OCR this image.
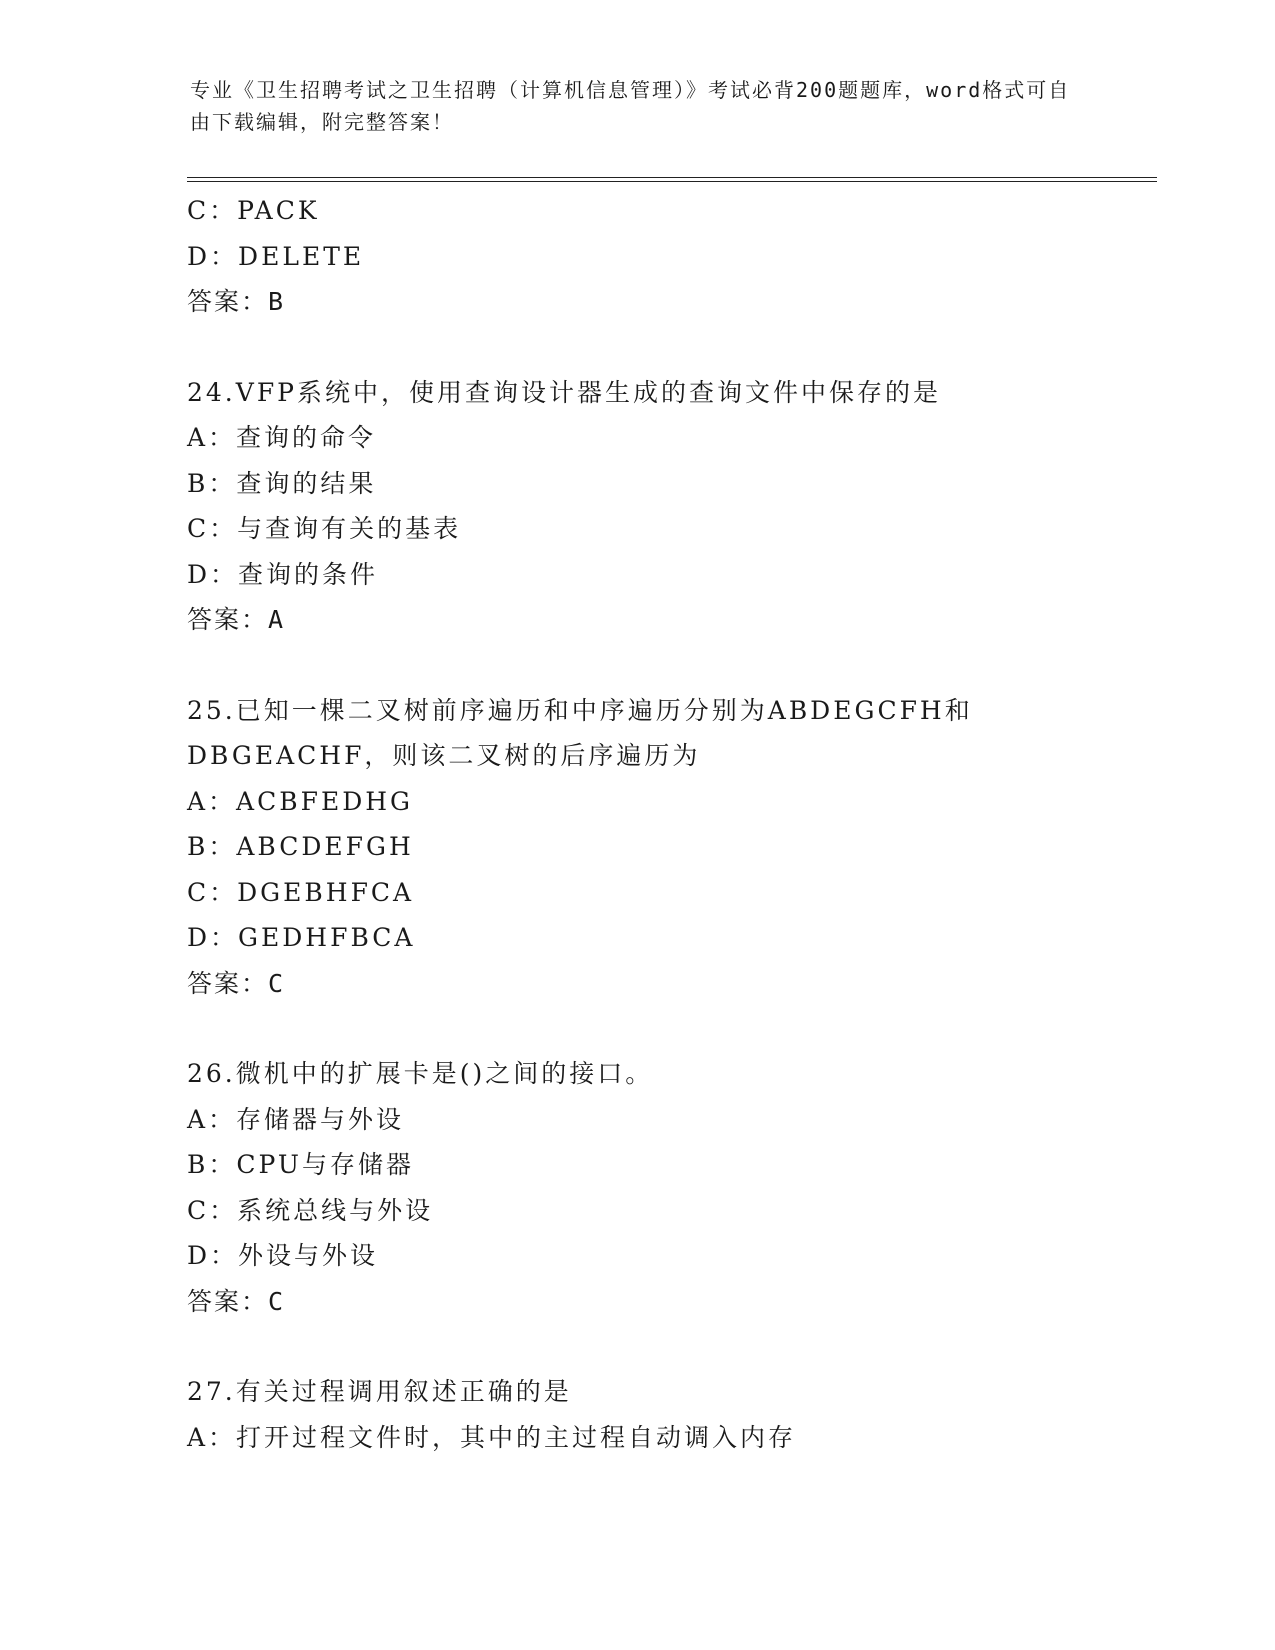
专业《卫生招聘考试之卫生招聘（计算机信息管理）》考试必背200题题库，word格式可自由下载编辑，附完整答案！
C：PACK
D：DELETE
答案：B
24.VFP系统中，使用查询设计器生成的查询文件中保存的是
A：查询的命令
B：查询的结果
C：与查询有关的基表
D：查询的条件
答案：A
25.已知一棵二叉树前序遍历和中序遍历分别为ABDEGCFH和DBGEACHF，则该二叉树的后序遍历为
A：ACBFEDHG
B：ABCDEFGH
C：DGEBHFCA
D：GEDHFBCA
答案：C
26.微机中的扩展卡是()之间的接口。
A：存储器与外设
B：CPU与存储器
C：系统总线与外设
D：外设与外设
答案：C
27.有关过程调用叙述正确的是
A：打开过程文件时，其中的主过程自动调入内存
